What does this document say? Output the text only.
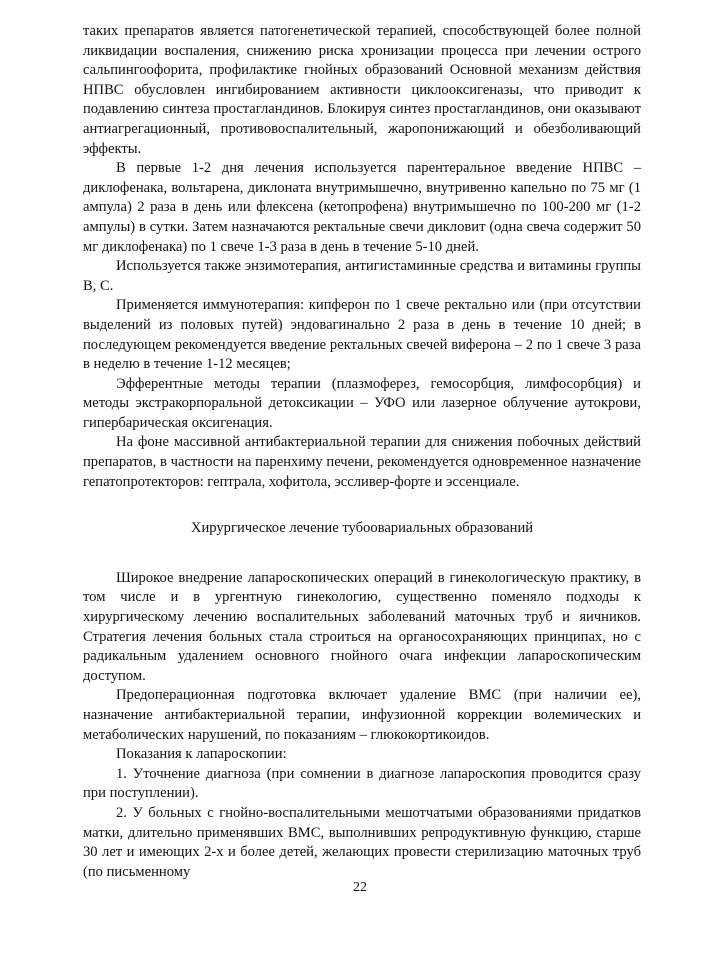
таких препаратов является патогенетической терапией, способствующей более полной ликвидации воспаления, снижению риска хронизации процесса при лечении острого сальпингоофорита, профилактике гнойных образований Основной механизм действия НПВС обусловлен ингибированием активности циклооксигеназы, что приводит к подавлению синтеза простагландинов. Блокируя синтез простагландинов, они оказывают антиагрегационный, противовоспалительный, жаропонижающий и обезболивающий эффекты.

В первые 1-2 дня лечения используется парентеральное введение НПВС – диклофенака, вольтарена, диклоната внутримышечно, внутривенно капельно по 75 мг (1 ампула) 2 раза в день или флексена (кетопрофена) внутримышечно по 100-200 мг (1-2 ампулы) в сутки. Затем назначаются ректальные свечи дикловит (одна свеча содержит 50 мг диклофенака) по 1 свече 1-3 раза в день в течение 5-10 дней.

Используется также энзимотерапия, антигистаминные средства и витамины группы В, С.

Применяется иммунотерапия: кипферон по 1 свече ректально или (при отсутствии выделений из половых путей) эндовагинально 2 раза в день в течение 10 дней; в последующем рекомендуется введение ректальных свечей виферона – 2 по 1 свече 3 раза в неделю в течение 1-12 месяцев;

Эфферентные методы терапии (плазмоферез, гемосорбция, лимфосорбция) и методы экстракорпоральной детоксикации – УФО или лазерное облучение аутокрови, гипербарическая оксигенация.

На фоне массивной антибактериальной терапии для снижения побочных действий препаратов, в частности на паренхиму печени, рекомендуется одновременное назначение гепатопротекторов: гептрала, хофитола, эссливер-форте и эссенциале.

Хирургическое лечение тубоовариальных образований

Широкое внедрение лапароскопических операций в гинекологическую практику, в том числе и в ургентную гинекологию, существенно поменяло подходы к хирургическому лечению воспалительных заболеваний маточных труб и яичников. Стратегия лечения больных стала строиться на органосохраняющих принципах, но с радикальным удалением основного гнойного очага инфекции лапароскопическим доступом.

Предоперационная подготовка включает удаление ВМС (при наличии ее), назначение антибактериальной терапии, инфузионной коррекции волемических и метаболических нарушений, по показаниям – глюкокортикоидов.

Показания к лапароскопии:

1. Уточнение диагноза (при сомнении в диагнозе лапароскопия проводится сразу при поступлении).

2. У больных с гнойно-воспалительными мешотчатыми образованиями придатков матки, длительно применявших ВМС, выполнивших репродуктивную функцию, старше 30 лет и имеющих 2-х и более детей, желающих провести стерилизацию маточных труб (по письменному

22
